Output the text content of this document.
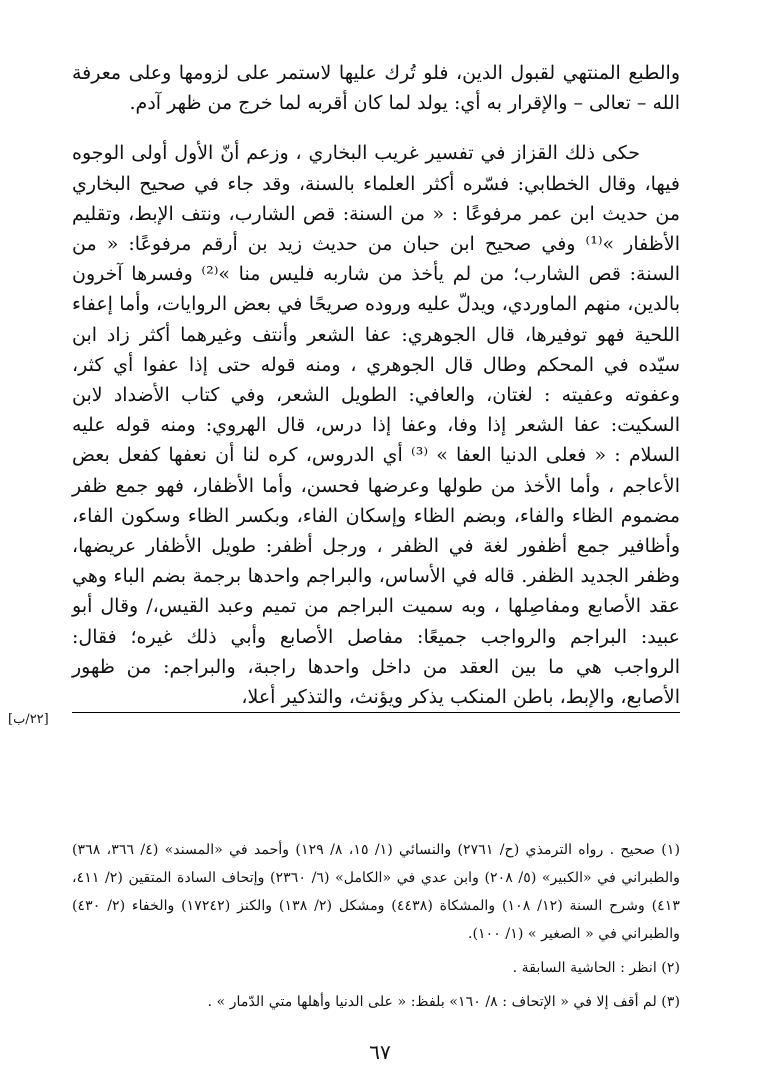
والطبع المنتهي لقبول الدين، فلو تُرك عليها لاستمر على لزومها وعلى معرفة الله – تعالى – والإقرار به أي: يولد لما كان أقربه لما خرج من ظهر آدم.

حكى ذلك القزاز في تفسير غريب البخاري ، وزعم أنّ الأول أولى الوجوه فيها، وقال الخطابي: فسّره أكثر العلماء بالسنة، وقد جاء في صحيح البخاري من حديث ابن عمر مرفوعًا : « من السنة: قص الشارب، ونتف الإبط، وتقليم الأظفار »⁽¹⁾ وفي صحيح ابن حبان من حديث زيد بن أرقم مرفوعًا: « من السنة: قص الشارب؛ من لم يأخذ من شاربه فليس منا »⁽²⁾ وفسرها آخرون بالدين، منهم الماوردي، ويدلّ عليه وروده صريحًا في بعض الروايات، وأما إعفاء اللحية فهو توفيرها، قال الجوهري: عفا الشعر وأنتف وغيرهما أكثر زاد ابن سيّده في المحكم وطال قال الجوهري ، ومنه قوله حتى إذا عفوا أي كثر، وعفوته وعفيته : لغتان، والعافي: الطويل الشعر، وفي كتاب الأضداد لابن السكيت: عفا الشعر إذا وفا، وعفا إذا درس، قال الهروي: ومنه قوله عليه السلام : « فعلى الدنيا العفا » ⁽³⁾ أي الدروس، كره لنا أن نعفها كفعل بعض الأعاجم ، وأما الأخذ من طولها وعرضها فحسن، وأما الأظفار، فهو جمع ظفر مضموم الظاء والفاء، وبضم الظاء وإسكان الفاء، وبكسر الظاء وسكون الفاء، وأظافير جمع أظفور لغة في الظفر ، ورجل أظفر: طويل الأظفار عريضها، وظفر الجديد الظفر. قاله في الأساس، والبراجم واحدها برجمة بضم الباء وهي عقد الأصابع ومفاصِلها ، وبه سميت البراجم من تميم وعبد القيس،/ وقال أبو عبيد: البراجم والرواجب جميعًا: مفاصل الأصابع وأبي ذلك غيره؛ فقال: الرواجب هي ما بين العقد من داخل واحدها راجبة، والبراجم: من ظهور الأصابع، والإبط، باطن المنكب يذكر ويؤنث، والتذكير أعلا،

[٢٢/ب]

(١) صحيح . رواه الترمذي (ح/ ٢٧٦١) والنسائي (١/ ١٥، ٨/ ١٢٩) وأحمد في «المسند» (٤/ ٣٦٦، ٣٦٨) والطبراني في «الكبير» (٥/ ٢٠٨) وابن عدي في «الكامل» (٦/ ٢٣٦٠) وإتحاف السادة المتقين (٢/ ٤١١، ٤١٣) وشرح السنة (١٢/ ١٠٨) والمشكاة (٤٤٣٨) ومشكل (٢/ ١٣٨) والكنز (١٧٢٤٢) والخفاء (٢/ ٤٣٠) والطبراني في « الصغير » (١/ ١٠٠).

(٢) انظر : الحاشية السابقة .

(٣) لم أقف إلا في « الإتحاف : ٨/ ١٦٠» بلفظ: « على الدنيا وأهلها متي الدّمار » .

٦٧
